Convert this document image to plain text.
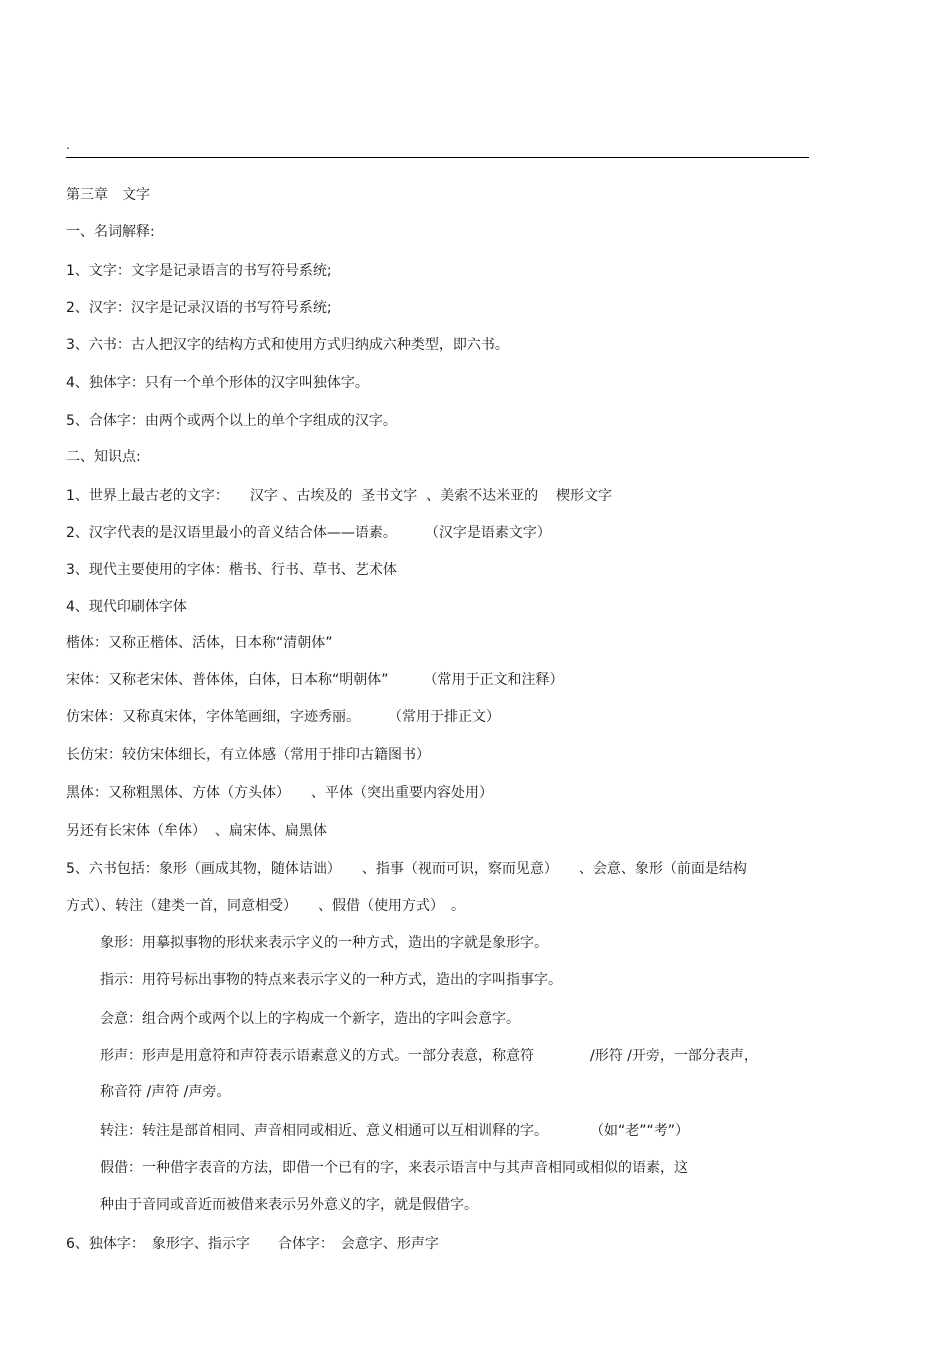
.
第三章　文字
一、名词解释:
1、文字：文字是记录语言的书写符号系统;
2、汉字：汉字是记录汉语的书写符号系统;
3、六书：古人把汉字的结构方式和使用方式归纳成六种类型，即六书。
4、独体字：只有一个单个形体的汉字叫独体字。
5、合体字：由两个或两个以上的单个字组成的汉字。
二、知识点:
1、世界上最古老的文字：　　汉字 、古埃及的  圣书文字  、美索不达米亚的    楔形文字
2、汉字代表的是汉语里最小的音义结合体——语素。　　　（汉字是语素文字）
3、现代主要使用的字体：楷书、行书、草书、艺术体
4、现代印刷体字体
楷体：又称正楷体、活体，日本称“清朝体”
宋体：又称老宋体、普体体，白体，日本称“明朝体”　　　（常用于正文和注释）
仿宋体：又称真宋体，字体笔画细，字迹秀丽。　　　（常用于排正文）
长仿宋：较仿宋体细长，有立体感（常用于排印古籍图书）
黑体：又称粗黑体、方体（方头体）　　、平体（突出重要内容处用）
另还有长宋体（牟体）  、扁宋体、扁黑体
5、六书包括：象形（画成其物，随体诘诎）　　、指事（视而可识，察而见意）　　、会意、象形（前面是结构
方式）、转注（建类一首，同意相受）　　、假借（使用方式）　。
象形：用摹拟事物的形状来表示字义的一种方式，造出的字就是象形字。
指示：用符号标出事物的特点来表示字义的一种方式，造出的字叫指事字。
会意：组合两个或两个以上的字构成一个新字，造出的字叫会意字。
形声：形声是用意符和声符表示语素意义的方式。一部分表意，称意符　　　　/形符 /开旁，一部分表声，
称音符 /声符 /声旁。
转注：转注是部首相同、声音相同或相近、意义相通可以互相训释的字。　　　　（如“老”“考”）
假借：一种借字表音的方法，即借一个已有的字，来表示语言中与其声音相同或相似的语素，这
种由于音同或音近而被借来表示另外意义的字，就是假借字。
6、独体字：　象形字、指示字　　合体字：　会意字、形声字
